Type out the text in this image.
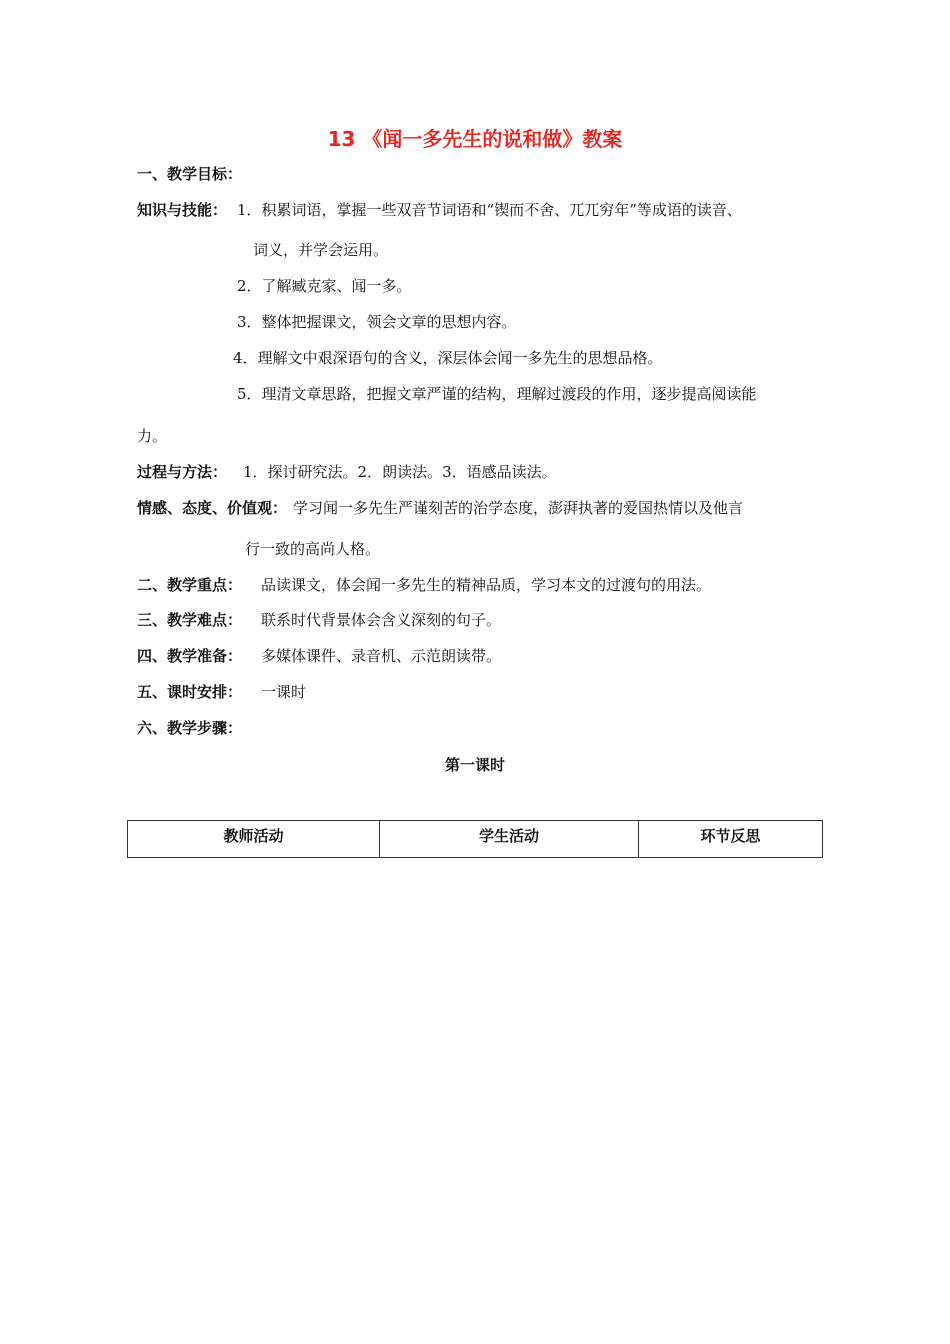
13 《闻一多先生的说和做》教案
一、教学目标：
知识与技能： 1．积累词语，掌握一些双音节词语和“锲而不舍、兀兀穷年”等成语的读音、
词义，并学会运用。
2．了解臧克家、闻一多。
3．整体把握课文，领会文章的思想内容。
4．理解文中艰深语句的含义，深层体会闻一多先生的思想品格。
5．理清文章思路，把握文章严谨的结构，理解过渡段的作用，逐步提高阅读能
力。
过程与方法： 1．探讨研究法。2．朗读法。3．语感品读法。
情感、态度、价值观： 学习闻一多先生严谨刻苦的治学态度，澎湃执著的爱国热情以及他言
行一致的高尚人格。
二、教学重点： 品读课文，体会闻一多先生的精神品质，学习本文的过渡句的用法。
三、教学难点： 联系时代背景体会含义深刻的句子。
四、教学准备： 多媒体课件、录音机、示范朗读带。
五、课时安排： 一课时
六、教学步骤：
第一课时
教师活动	学生活动	环节反思
